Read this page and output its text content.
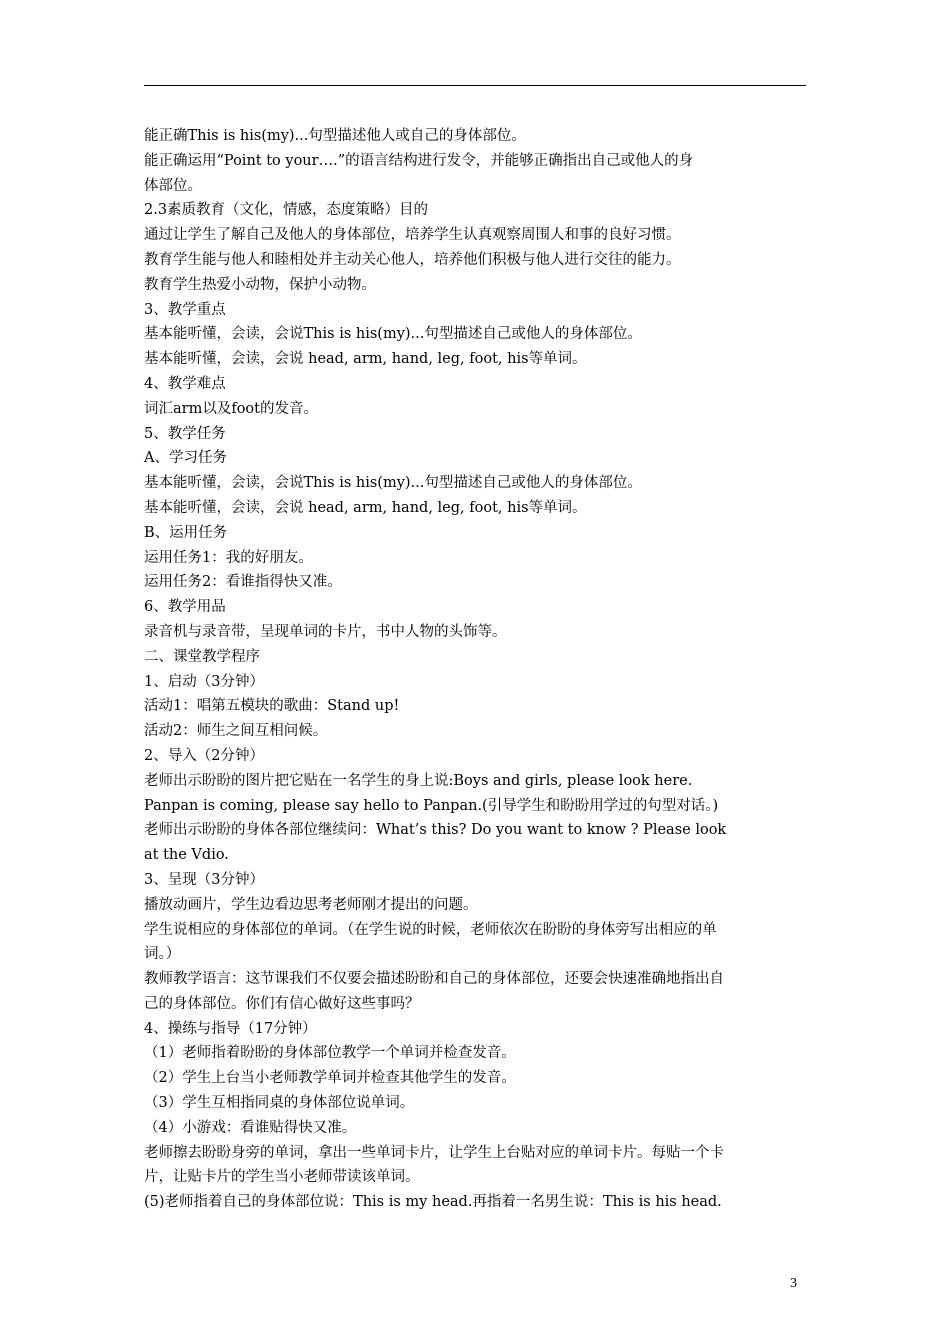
能正确This is his(my)...句型描述他人或自己的身体部位。
能正确运用“Point to your….”的语言结构进行发令，并能够正确指出自己或他人的身
体部位。
2.3素质教育（文化，情感，态度策略）目的
通过让学生了解自己及他人的身体部位，培养学生认真观察周围人和事的良好习惯。
教育学生能与他人和睦相处并主动关心他人，培养他们积极与他人进行交往的能力。
教育学生热爱小动物，保护小动物。
3、教学重点
基本能听懂，会读，会说This is his(my)...句型描述自己或他人的身体部位。
基本能听懂，会读，会说 head, arm, hand, leg, foot, his等单词。
4、教学难点
词汇arm以及foot的发音。
5、教学任务
A、学习任务
基本能听懂，会读，会说This is his(my)...句型描述自己或他人的身体部位。
基本能听懂，会读，会说 head, arm, hand, leg, foot, his等单词。
B、运用任务
运用任务1：我的好朋友。
运用任务2：看谁指得快又准。
6、教学用品
录音机与录音带，呈现单词的卡片，书中人物的头饰等。
二、课堂教学程序
1、启动（3分钟）
活动1：唱第五模块的歌曲：Stand up!
活动2：师生之间互相问候。
2、导入（2分钟）
老师出示盼盼的图片把它贴在一名学生的身上说:Boys and girls, please look here.
Panpan is coming, please say hello to Panpan.(引导学生和盼盼用学过的句型对话。)
老师出示盼盼的身体各部位继续问：What’s this? Do you want to know ? Please look
at the Vdio.
3、呈现（3分钟）
播放动画片，学生边看边思考老师刚才提出的问题。
学生说相应的身体部位的单词。（在学生说的时候，老师依次在盼盼的身体旁写出相应的单
词。）
教师教学语言：这节课我们不仅要会描述盼盼和自己的身体部位，还要会快速准确地指出自
己的身体部位。你们有信心做好这些事吗？
4、操练与指导（17分钟）
（1）老师指着盼盼的身体部位教学一个单词并检查发音。
（2）学生上台当小老师教学单词并检查其他学生的发音。
（3）学生互相指同桌的身体部位说单词。
（4）小游戏：看谁贴得快又准。
老师擦去盼盼身旁的单词，拿出一些单词卡片，让学生上台贴对应的单词卡片。每贴一个卡
片，让贴卡片的学生当小老师带读该单词。
(5)老师指着自己的身体部位说：This is my head.再指着一名男生说：This is his head.
3
